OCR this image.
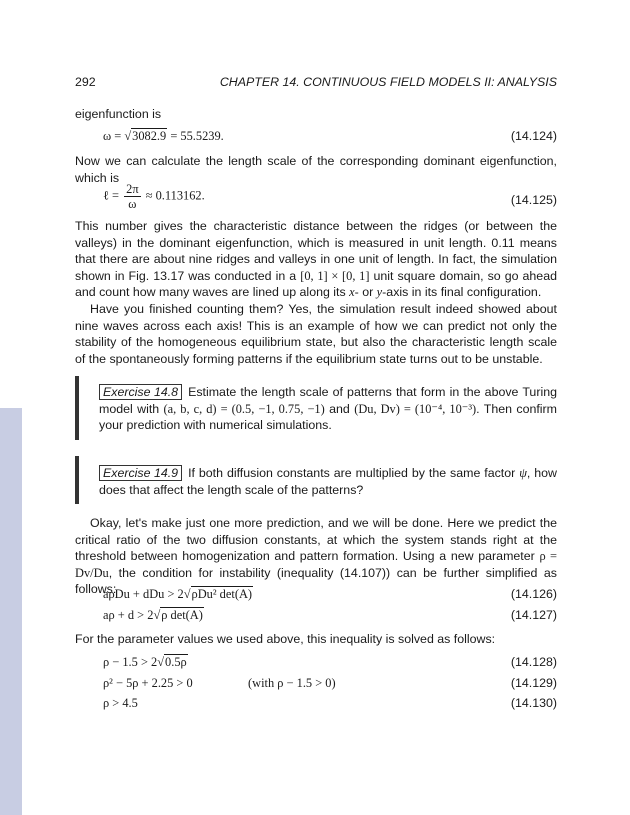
292	CHAPTER 14. CONTINUOUS FIELD MODELS II: ANALYSIS

eigenfunction is

ω = √3082.9 = 55.5239.	(14.124)

Now we can calculate the length scale of the corresponding dominant eigenfunction, which is

ℓ = $\frac{2\pi}{\omega} \approx 0.113162$.	(14.125)

This number gives the characteristic distance between the ridges (or between the valleys) in the dominant eigenfunction, which is measured in unit length. 0.11 means that there are about nine ridges and valleys in one unit of length. In fact, the simulation shown in Fig. 13.17 was conducted in a [0, 1] × [0, 1] unit square domain, so go ahead and count how many waves are lined up along its x- or y-axis in its final configuration.

Have you finished counting them? Yes, the simulation result indeed showed about nine waves across each axis! This is an example of how we can predict not only the stability of the homogeneous equilibrium state, but also the characteristic length scale of the spontaneously forming patterns if the equilibrium state turns out to be unstable.

Exercise 14.8 Estimate the length scale of patterns that form in the above Turing model with (a, b, c, d) = (0.5, −1, 0.75, −1) and (Du, Dv) = (10⁻⁴, 10⁻³). Then confirm your prediction with numerical simulations.

Exercise 14.9 If both diffusion constants are multiplied by the same factor ψ, how does that affect the length scale of the patterns?

Okay, let's make just one more prediction, and we will be done. Here we predict the critical ratio of the two diffusion constants, at which the system stands right at the threshold between homogenization and pattern formation. Using a new parameter ρ = Dv/Du, the condition for instability (inequality (14.107)) can be further simplified as follows:

aρDu + dDu > 2√ρDu² det(A)	(14.126)
aρ + d > 2√ρ det(A)	(14.127)

For the parameter values we used above, this inequality is solved as follows:

ρ − 1.5 > 2√0.5ρ	(14.128)
ρ² − 5ρ + 2.25 > 0	(with ρ − 1.5 > 0)	(14.129)
ρ > 4.5	(14.130)
